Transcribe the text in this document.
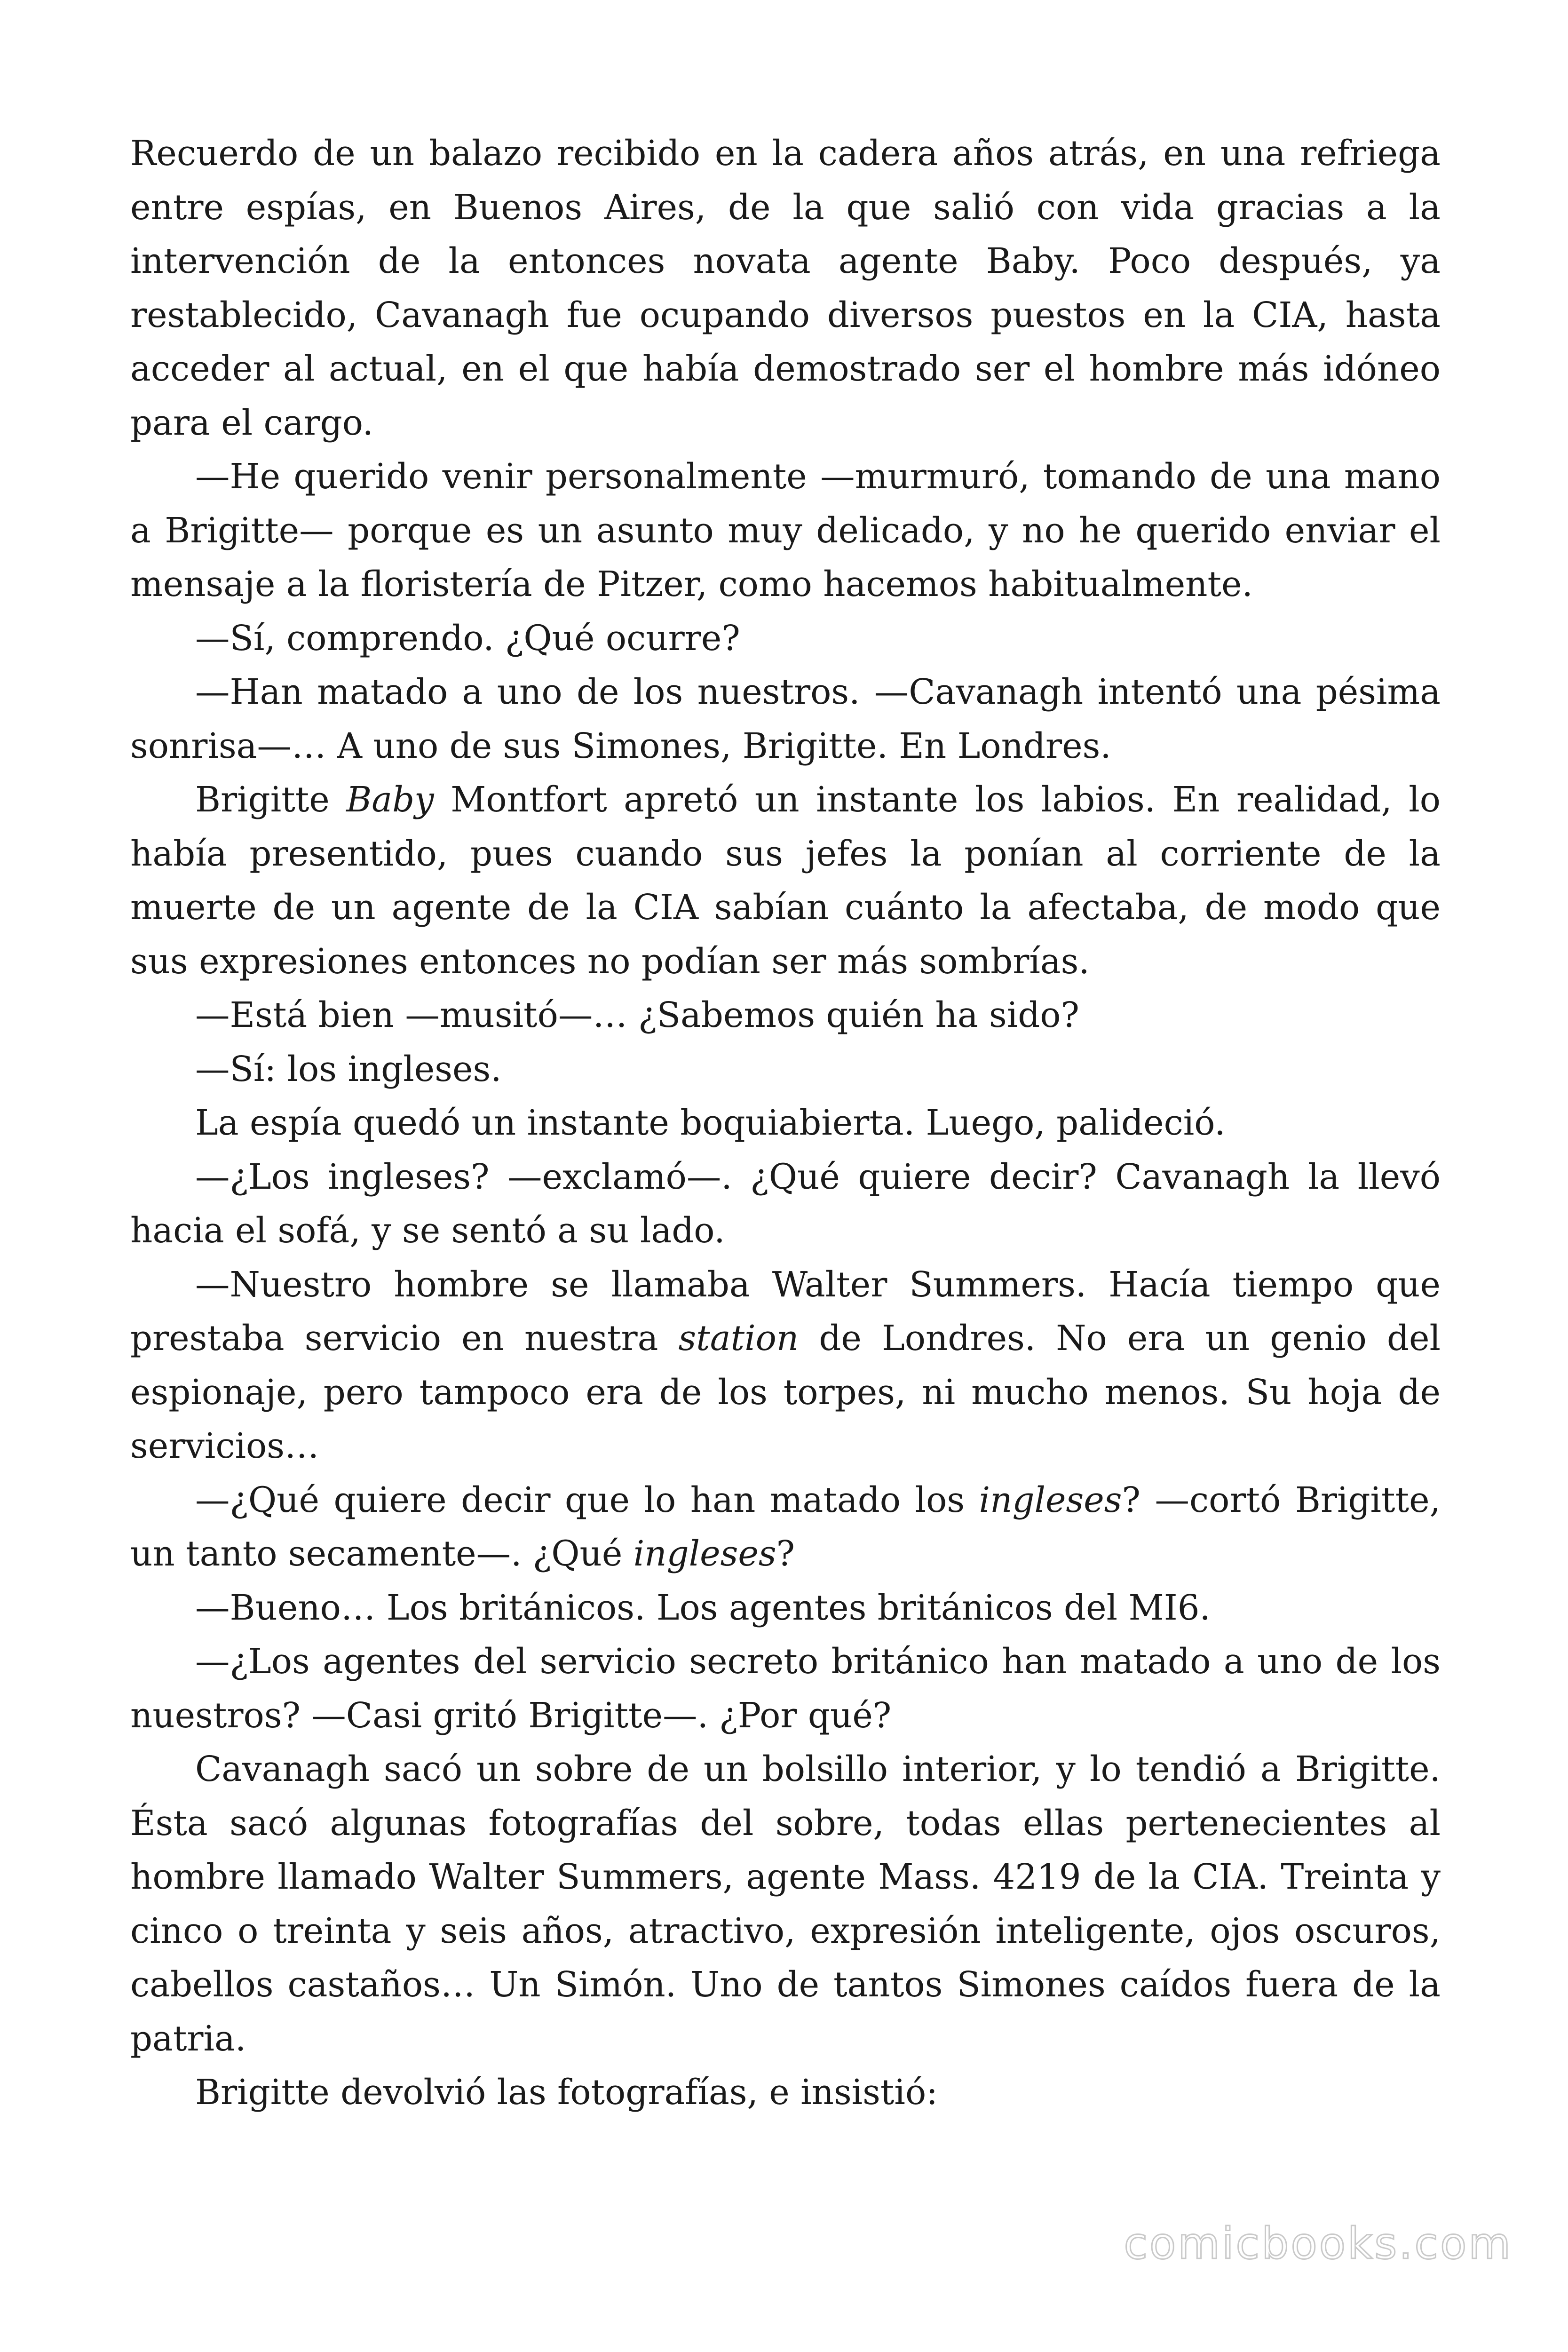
Recuerdo de un balazo recibido en la cadera años atrás, en una refriega entre espías, en Buenos Aires, de la que salió con vida gracias a la intervención de la entonces novata agente Baby. Poco después, ya restablecido, Cavanagh fue ocupando diversos puestos en la CIA, hasta acceder al actual, en el que había demostrado ser el hombre más idóneo para el cargo.

—He querido venir personalmente —murmuró, tomando de una mano a Brigitte— porque es un asunto muy delicado, y no he querido enviar el mensaje a la floristería de Pitzer, como hacemos habitualmente.

—Sí, comprendo. ¿Qué ocurre?

—Han matado a uno de los nuestros. —Cavanagh intentó una pésima sonrisa—… A uno de sus Simones, Brigitte. En Londres.

Brigitte Baby Montfort apretó un instante los labios. En realidad, lo había presentido, pues cuando sus jefes la ponían al corriente de la muerte de un agente de la CIA sabían cuánto la afectaba, de modo que sus expresiones entonces no podían ser más sombrías.

—Está bien —musitó—… ¿Sabemos quién ha sido?

—Sí: los ingleses.

La espía quedó un instante boquiabierta. Luego, palideció.

—¿Los ingleses? —exclamó—. ¿Qué quiere decir? Cavanagh la llevó hacia el sofá, y se sentó a su lado.

—Nuestro hombre se llamaba Walter Summers. Hacía tiempo que prestaba servicio en nuestra station de Londres. No era un genio del espionaje, pero tampoco era de los torpes, ni mucho menos. Su hoja de servicios…

—¿Qué quiere decir que lo han matado los ingleses? —cortó Brigitte, un tanto secamente—. ¿Qué ingleses?

—Bueno… Los británicos. Los agentes británicos del MI6.

—¿Los agentes del servicio secreto británico han matado a uno de los nuestros? —Casi gritó Brigitte—. ¿Por qué?

Cavanagh sacó un sobre de un bolsillo interior, y lo tendió a Brigitte. Ésta sacó algunas fotografías del sobre, todas ellas pertenecientes al hombre llamado Walter Summers, agente Mass. 4219 de la CIA. Treinta y cinco o treinta y seis años, atractivo, expresión inteligente, ojos oscuros, cabellos castaños… Un Simón. Uno de tantos Simones caídos fuera de la patria.

Brigitte devolvió las fotografías, e insistió:

comicbooks.com
